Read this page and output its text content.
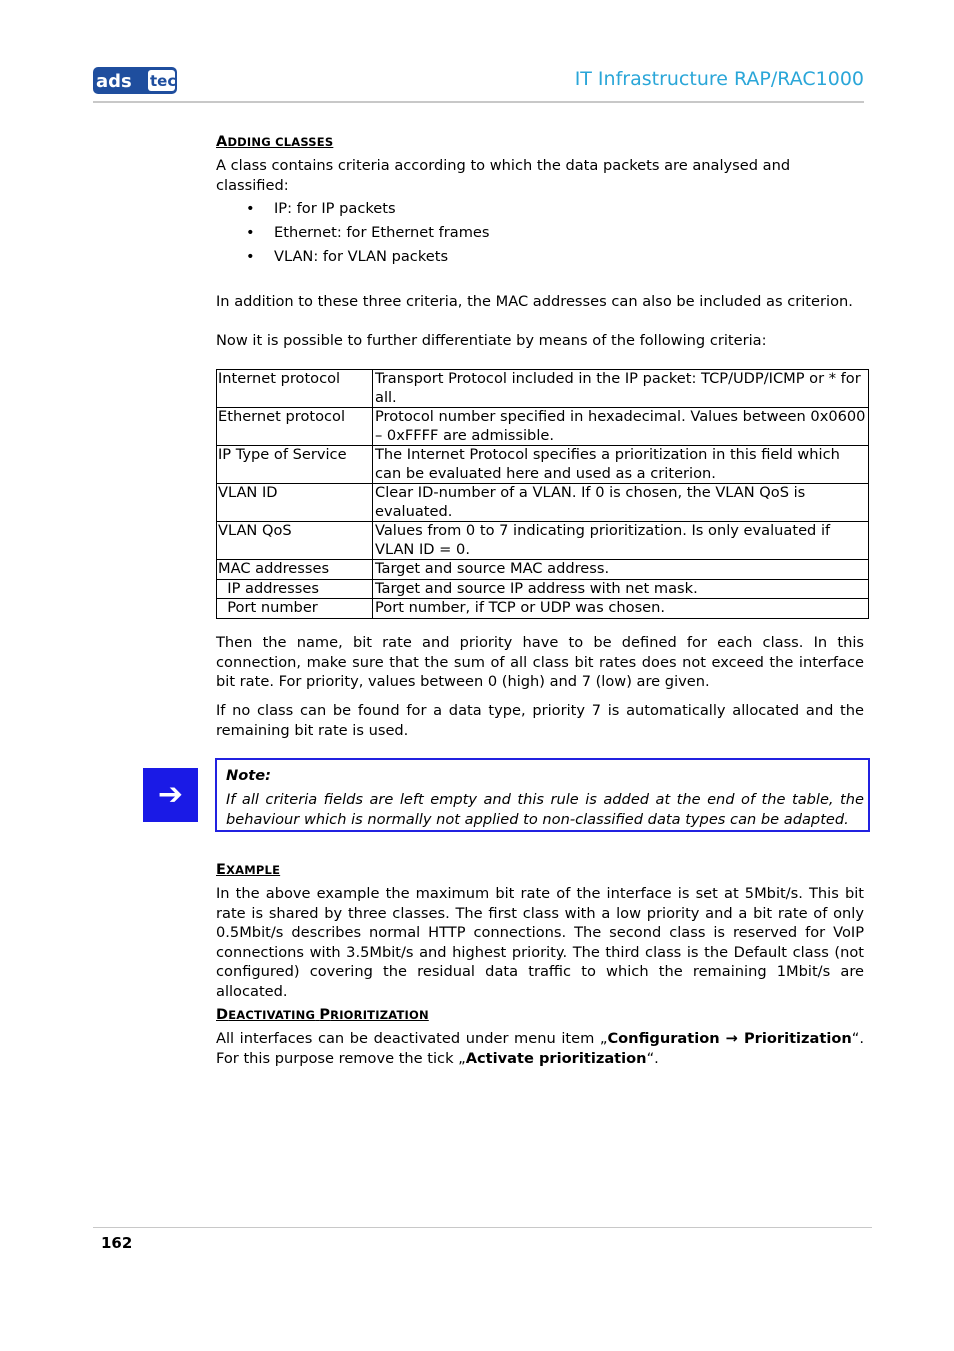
ads tec	IT Infrastructure RAP/RAC1000
ADDING CLASSES
A class contains criteria according to which the data packets are analysed and classified:
• IP: for IP packets
• Ethernet: for Ethernet frames
• VLAN: for VLAN packets
In addition to these three criteria, the MAC addresses can also be included as criterion.
Now it is possible to further differentiate by means of the following criteria:
Internet protocol	Transport Protocol included in the IP packet: TCP/UDP/ICMP or * for all.
Ethernet protocol	Protocol number specified in hexadecimal. Values between 0x0600 – 0xFFFF are admissible.
IP Type of Service	The Internet Protocol specifies a prioritization in this field which can be evaluated here and used as a criterion.
VLAN ID	Clear ID-number of a VLAN. If 0 is chosen, the VLAN QoS is evaluated.
VLAN QoS	Values from 0 to 7 indicating prioritization. Is only evaluated if VLAN ID = 0.
MAC addresses	Target and source MAC address.
IP addresses	Target and source IP address with net mask.
Port number	Port number, if TCP or UDP was chosen.
Then the name, bit rate and priority have to be defined for each class. In this connection, make sure that the sum of all class bit rates does not exceed the interface bit rate. For priority, values between 0 (high) and 7 (low) are given.
If no class can be found for a data type, priority 7 is automatically allocated and the remaining bit rate is used.
➔
Note:
If all criteria fields are left empty and this rule is added at the end of the table, the behaviour which is normally not applied to non-classified data types can be adapted.
EXAMPLE
In the above example the maximum bit rate of the interface is set at 5Mbit/s. This bit rate is shared by three classes. The first class with a low priority and a bit rate of only 0.5Mbit/s describes normal HTTP connections. The second class is reserved for VoIP connections with 3.5Mbit/s and highest priority. The third class is the Default class (not configured) covering the residual data traffic to which the remaining 1Mbit/s are allocated.
DEACTIVATING PRIORITIZATION
All interfaces can be deactivated under menu item „Configuration → Prioritization“. For this purpose remove the tick „Activate prioritization“.
162
